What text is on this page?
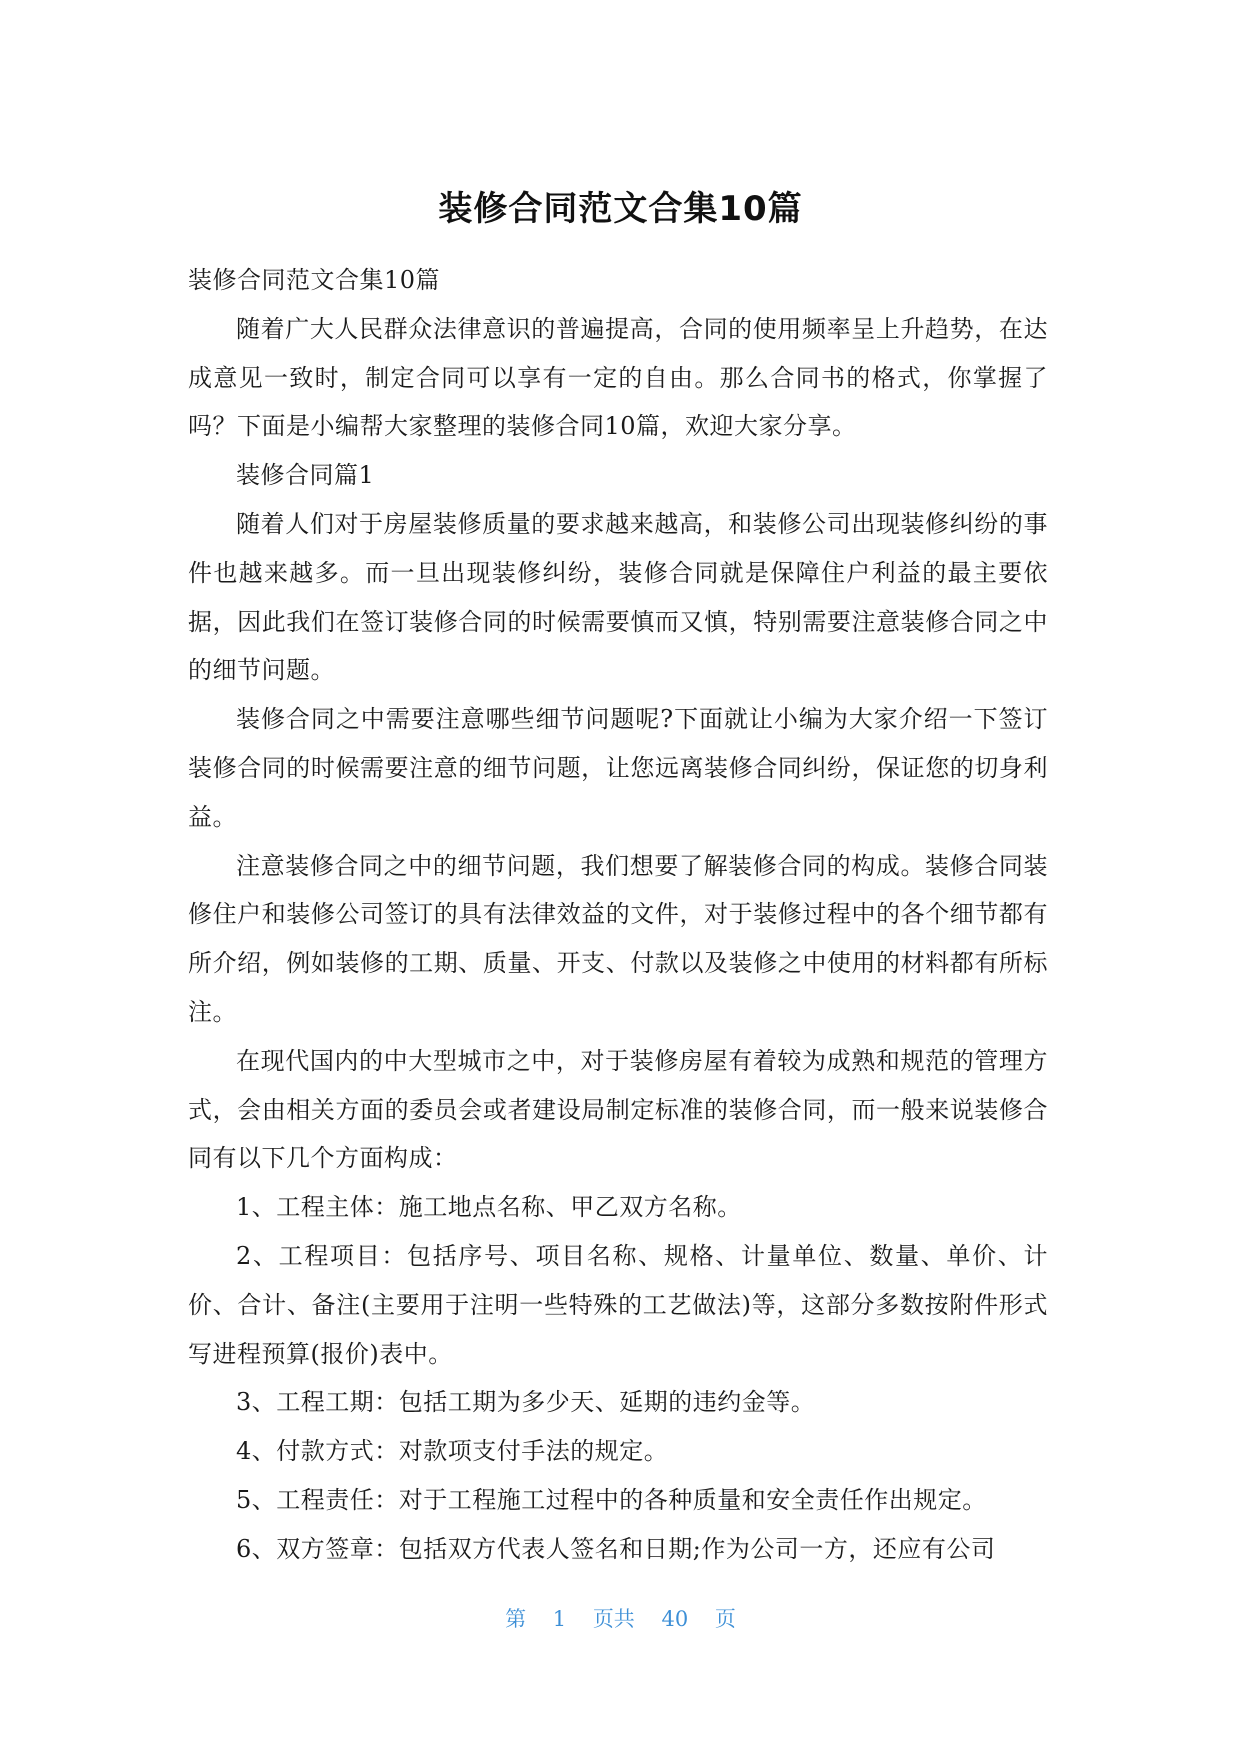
装修合同范文合集10篇

装修合同范文合集10篇

随着广大人民群众法律意识的普遍提高，合同的使用频率呈上升趋势，在达成意见一致时，制定合同可以享有一定的自由。那么合同书的格式，你掌握了吗？下面是小编帮大家整理的装修合同10篇，欢迎大家分享。

装修合同篇1

随着人们对于房屋装修质量的要求越来越高，和装修公司出现装修纠纷的事件也越来越多。而一旦出现装修纠纷，装修合同就是保障住户利益的最主要依据，因此我们在签订装修合同的时候需要慎而又慎，特别需要注意装修合同之中的细节问题。

装修合同之中需要注意哪些细节问题呢?下面就让小编为大家介绍一下签订装修合同的时候需要注意的细节问题，让您远离装修合同纠纷，保证您的切身利益。

注意装修合同之中的细节问题，我们想要了解装修合同的构成。装修合同装修住户和装修公司签订的具有法律效益的文件，对于装修过程中的各个细节都有所介绍，例如装修的工期、质量、开支、付款以及装修之中使用的材料都有所标注。

在现代国内的中大型城市之中，对于装修房屋有着较为成熟和规范的管理方式，会由相关方面的委员会或者建设局制定标准的装修合同，而一般来说装修合同有以下几个方面构成：

1、工程主体：施工地点名称、甲乙双方名称。

2、工程项目：包括序号、项目名称、规格、计量单位、数量、单价、计价、合计、备注(主要用于注明一些特殊的工艺做法)等，这部分多数按附件形式写进程预算(报价)表中。

3、工程工期：包括工期为多少天、延期的违约金等。

4、付款方式：对款项支付手法的规定。

5、工程责任：对于工程施工过程中的各种质量和安全责任作出规定。

6、双方签章：包括双方代表人签名和日期;作为公司一方，还应有公司

第 1 页共 40 页
